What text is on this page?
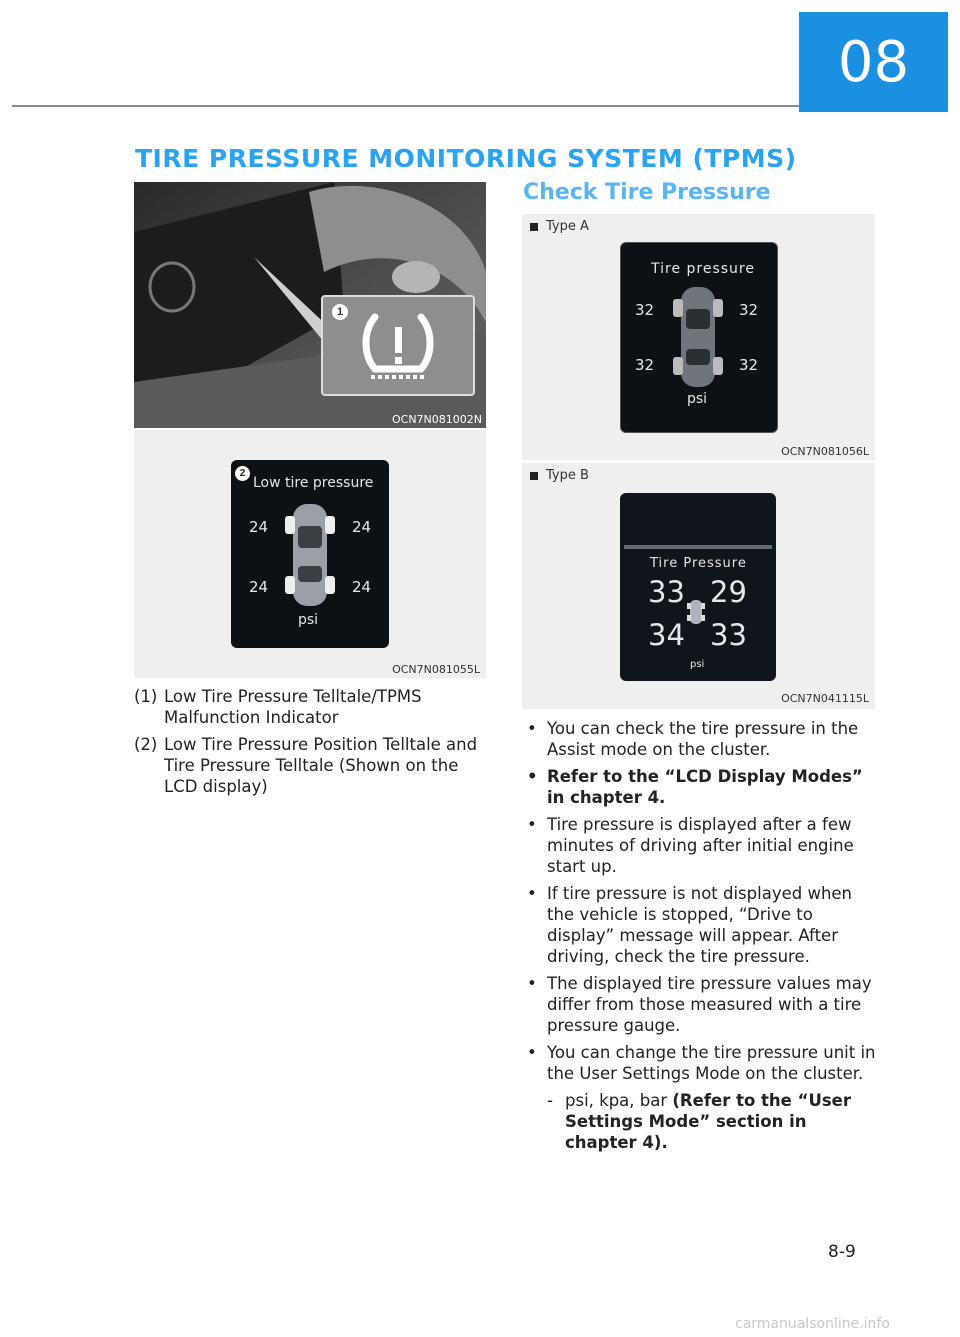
08
TIRE PRESSURE MONITORING SYSTEM (TPMS)
1
OCN7N081002N
2
Low tire pressure
24	24
24	24
psi
OCN7N081055L
(1) Low Tire Pressure Telltale/TPMS Malfunction Indicator
(2) Low Tire Pressure Position Telltale and Tire Pressure Telltale (Shown on the LCD display)
Check Tire Pressure
Type A
Tire pressure
32	32
32	32
psi
OCN7N081056L
Type B
Tire Pressure
33 29
34 33
psi
OCN7N041115L
• You can check the tire pressure in the Assist mode on the cluster.
• Refer to the “LCD Display Modes” in chapter 4.
• Tire pressure is displayed after a few minutes of driving after initial engine start up.
• If tire pressure is not displayed when the vehicle is stopped, “Drive to display” message will appear. After driving, check the tire pressure.
• The displayed tire pressure values may differ from those measured with a tire pressure gauge.
• You can change the tire pressure unit in the User Settings Mode on the cluster.
- psi, kpa, bar (Refer to the “User Settings Mode” section in chapter 4).
8-9
carmanualsonline.info
